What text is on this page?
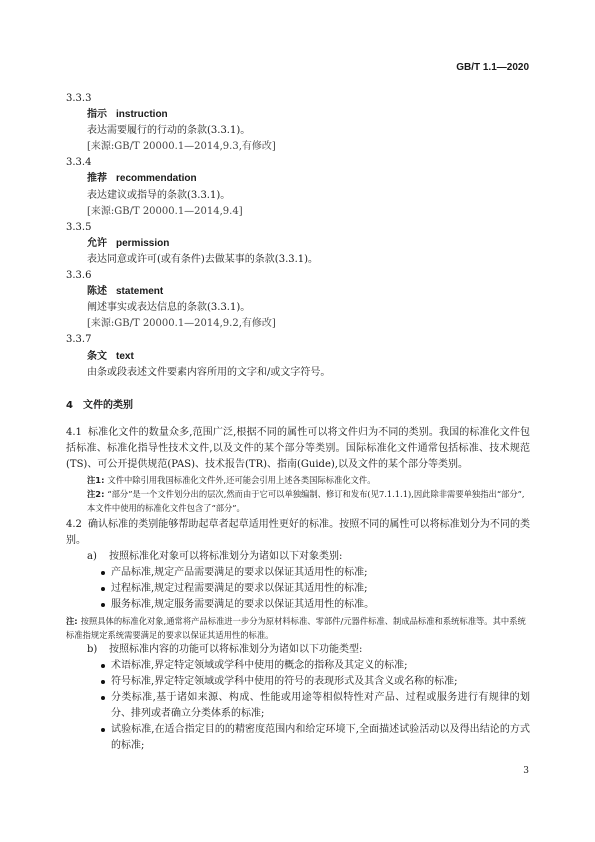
GB/T 1.1—2020
3.3.3
指示 instruction
表达需要履行的行动的条款(3.3.1)。
[来源:GB/T 20000.1—2014,9.3,有修改]
3.3.4
推荐 recommendation
表达建议或指导的条款(3.3.1)。
[来源:GB/T 20000.1—2014,9.4]
3.3.5
允许 permission
表达同意或许可(或有条件)去做某事的条款(3.3.1)。
3.3.6
陈述 statement
阐述事实或表达信息的条款(3.3.1)。
[来源:GB/T 20000.1—2014,9.2,有修改]
3.3.7
条文 text
由条或段表述文件要素内容所用的文字和/或文字符号。
4 文件的类别
4.1 标准化文件的数量众多,范围广泛,根据不同的属性可以将文件归为不同的类别。我国的标准化文件包括标准、标准化指导性技术文件,以及文件的某个部分等类别。国际标准化文件通常包括标准、技术规范(TS)、可公开提供规范(PAS)、技术报告(TR)、指南(Guide),以及文件的某个部分等类别。
注1: 文件中除引用我国标准化文件外,还可能会引用上述各类国际标准化文件。
注2: “部分”是一个文件划分出的层次,然而由于它可以单独编制、修订和发布(见7.1.1.1),因此除非需要单独指出“部分”,本文件中使用的标准化文件包含了“部分”。
4.2 确认标准的类别能够帮助起草者起草适用性更好的标准。按照不同的属性可以将标准划分为不同的类别。
a) 按照标准化对象可以将标准划分为诸如以下对象类别:
产品标准,规定产品需要满足的要求以保证其适用性的标准;
过程标准,规定过程需要满足的要求以保证其适用性的标准;
服务标准,规定服务需要满足的要求以保证其适用性的标准。
注: 按照具体的标准化对象,通常将产品标准进一步分为原材料标准、零部件/元器件标准、制成品标准和系统标准等。其中系统标准指规定系统需要满足的要求以保证其适用性的标准。
b) 按照标准内容的功能可以将标准划分为诸如以下功能类型:
术语标准,界定特定领域或学科中使用的概念的指称及其定义的标准;
符号标准,界定特定领域或学科中使用的符号的表现形式及其含义或名称的标准;
分类标准,基于诸如来源、构成、性能或用途等相似特性对产品、过程或服务进行有规律的划分、排列或者确立分类体系的标准;
试验标准,在适合指定目的的精密度范围内和给定环境下,全面描述试验活动以及得出结论的方式的标准;
3
